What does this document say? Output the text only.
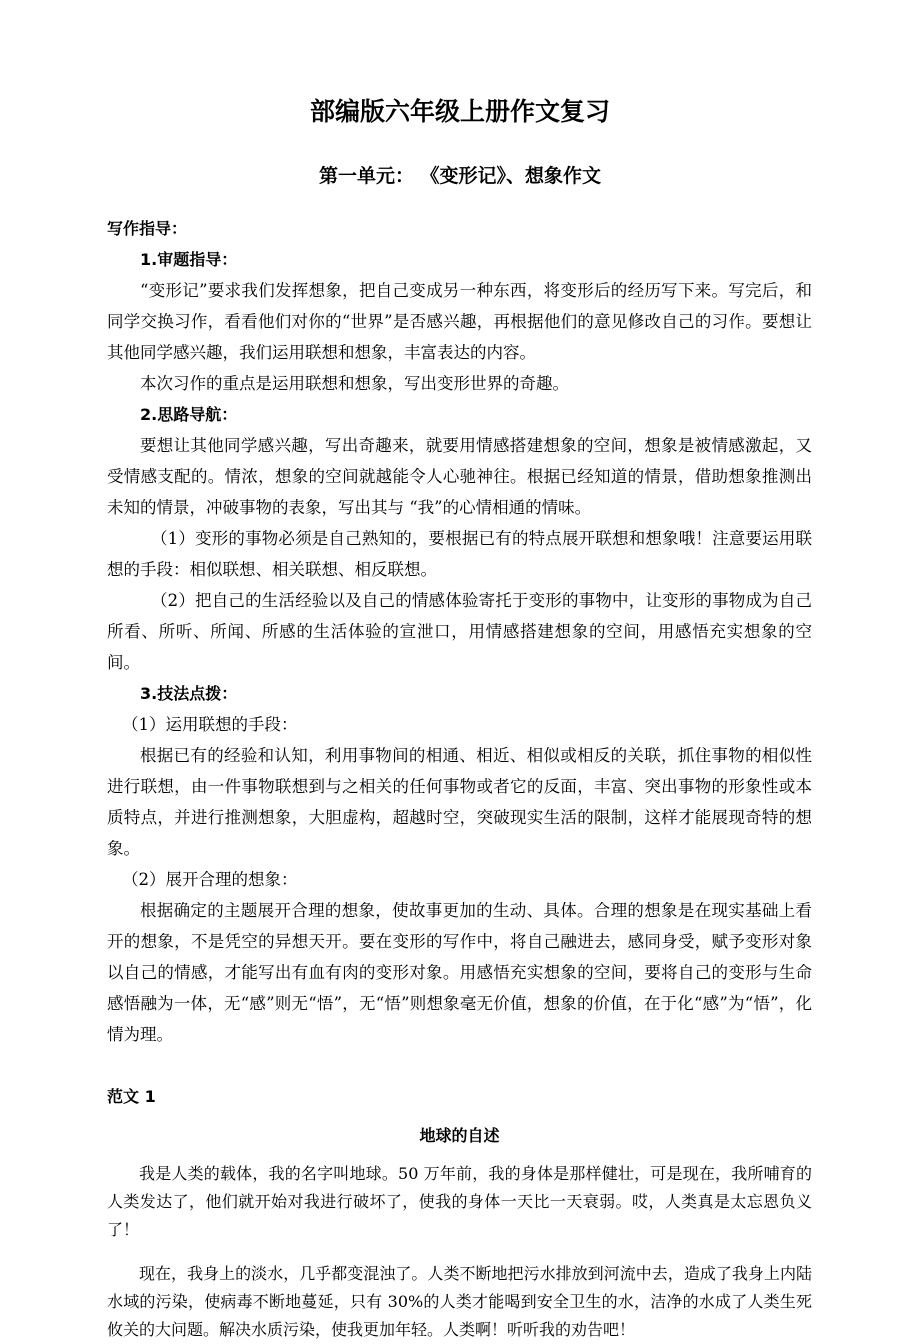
部编版六年级上册作文复习
第一单元： 《变形记》、想象作文

写作指导：

1.审题指导：

“变形记”要求我们发挥想象，把自己变成另一种东西，将变形后的经历写下来。写完后，和同学交换习作，看看他们对你的“世界”是否感兴趣，再根据他们的意见修改自己的习作。要想让其他同学感兴趣，我们运用联想和想象，丰富表达的内容。

本次习作的重点是运用联想和想象，写出变形世界的奇趣。

2.思路导航：

要想让其他同学感兴趣，写出奇趣来，就要用情感搭建想象的空间，想象是被情感激起，又受情感支配的。情浓，想象的空间就越能令人心驰神往。根据已经知道的情景，借助想象推测出未知的情景，冲破事物的表象，写出其与 “我”的心情相通的情味。

（1）变形的事物必须是自己熟知的，要根据已有的特点展开联想和想象哦！注意要运用联想的手段：相似联想、相关联想、相反联想。

（2）把自己的生活经验以及自己的情感体验寄托于变形的事物中，让变形的事物成为自己所看、所听、所闻、所感的生活体验的宣泄口，用情感搭建想象的空间，用感悟充实想象的空间。

3.技法点拨：

（1）运用联想的手段：

根据已有的经验和认知，利用事物间的相通、相近、相似或相反的关联，抓住事物的相似性进行联想，由一件事物联想到与之相关的任何事物或者它的反面，丰富、突出事物的形象性或本质特点，并进行推测想象，大胆虚构，超越时空，突破现实生活的限制，这样才能展现奇特的想象。

（2）展开合理的想象：

根据确定的主题展开合理的想象，使故事更加的生动、具体。合理的想象是在现实基础上看开的想象，不是凭空的异想天开。要在变形的写作中，将自己融进去，感同身受，赋予变形对象以自己的情感，才能写出有血有肉的变形对象。用感悟充实想象的空间，要将自己的变形与生命感悟融为一体，无“感”则无“悟”，无“悟”则想象毫无价值，想象的价值，在于化“感”为“悟”，化情为理。

范文 1

地球的自述

我是人类的载体，我的名字叫地球。50 万年前，我的身体是那样健壮，可是现在，我所哺育的人类发达了，他们就开始对我进行破坏了，使我的身体一天比一天衰弱。哎，人类真是太忘恩负义了！

现在，我身上的淡水，几乎都变混浊了。人类不断地把污水排放到河流中去，造成了我身上内陆水域的污染，使病毒不断地蔓延，只有 30%的人类才能喝到安全卫生的水，洁净的水成了人类生死攸关的大问题。解决水质污染，使我更加年轻。人类啊！听听我的劝告吧！
